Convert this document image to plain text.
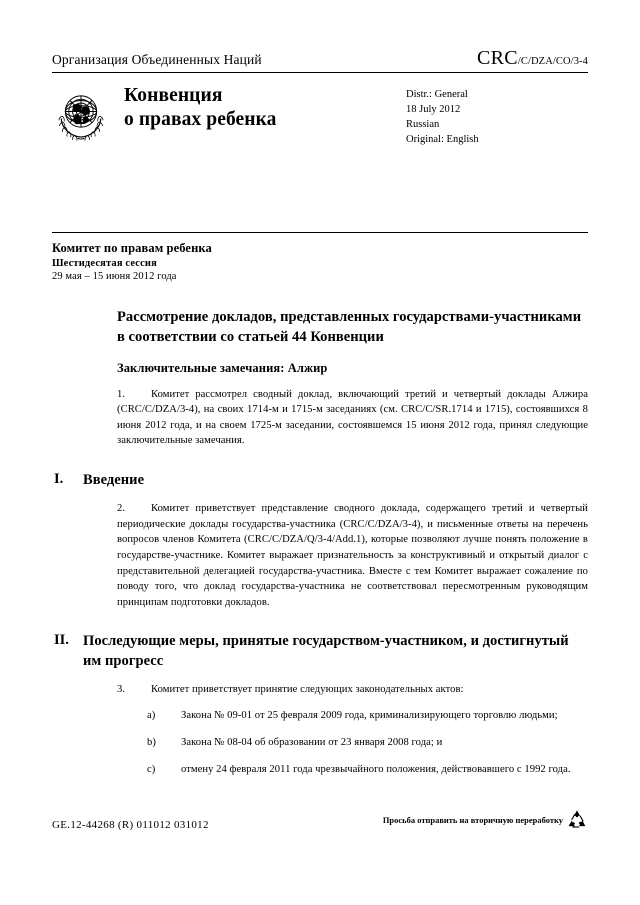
Организация Объединенных Наций	CRC/C/DZA/CO/3-4
Конвенция
о правах ребенка
Distr.: General
18 July 2012
Russian
Original: English
Комитет по правам ребенка
Шестидесятая сессия
29 мая – 15 июня 2012 года
Рассмотрение докладов, представленных государствами-участниками в соответствии со статьей 44 Конвенции
Заключительные замечания: Алжир

1. Комитет рассмотрел сводный доклад, включающий третий и четвертый доклады Алжира (CRC/C/DZA/3-4), на своих 1714-м и 1715-м заседаниях (см. CRC/C/SR.1714 и 1715), состоявшихся 8 июня 2012 года, и на своем 1725-м заседании, состоявшемся 15 июня 2012 года, принял следующие заключительные замечания.

I.	Введение

2. Комитет приветствует представление сводного доклада, содержащего третий и четвертый периодические доклады государства-участника (CRC/C/DZA/3-4), и письменные ответы на перечень вопросов членов Комитета (CRC/C/DZA/Q/3-4/Add.1), которые позволяют лучше понять положение в государстве-участнике. Комитет выражает признательность за конструктивный и открытый диалог с представительной делегацией государства-участника. Вместе с тем Комитет выражает сожаление по поводу того, что доклад государства-участника не соответствовал пересмотренным руководящим принципам подготовки докладов.

II. Последующие меры, принятые государством-участником, и достигнутый им прогресс

3. Комитет приветствует принятие следующих законодательных актов:

a) Закона № 09-01 от 25 февраля 2009 года, криминализирующего торговлю людьми;

b) Закона № 08-04 об образовании от 23 января 2008 года; и

c) отмену 24 февраля 2011 года чрезвычайного положения, действовавшего с 1992 года.

GE.12-44268 (R) 011012 031012	Просьба отправить на вторичную переработку
